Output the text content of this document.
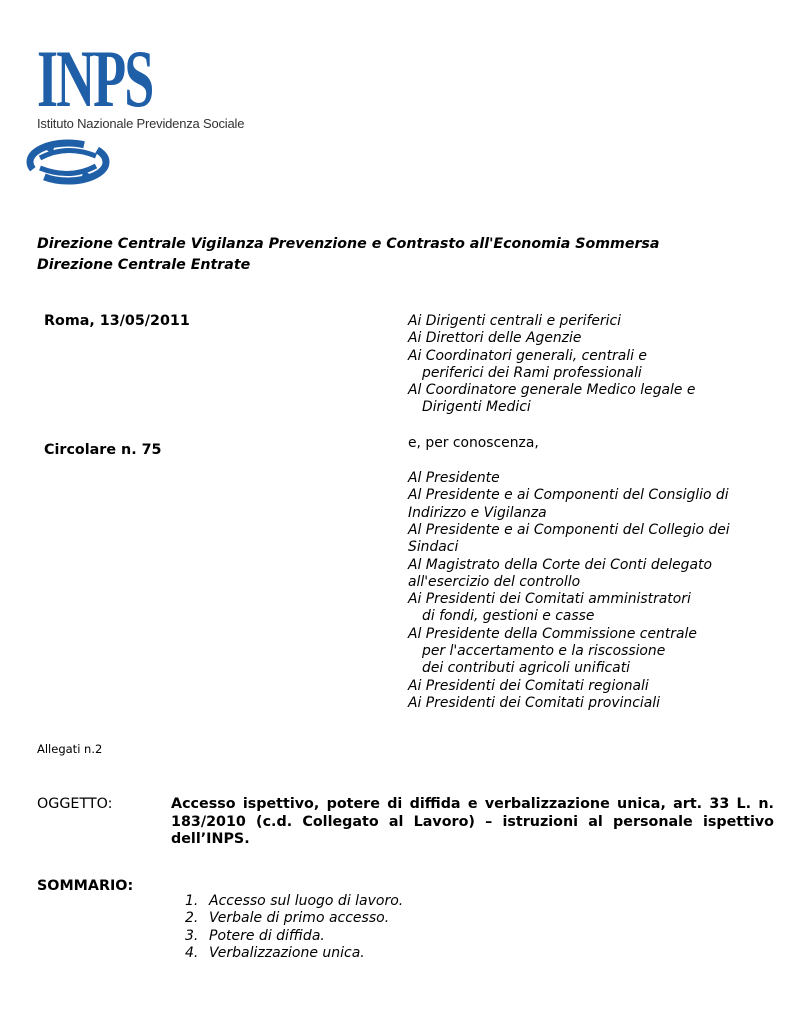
INPS
Istituto Nazionale Previdenza Sociale
Direzione Centrale Vigilanza Prevenzione e Contrasto all'Economia Sommersa
Direzione Centrale Entrate
Roma, 13/05/2011
Circolare n. 75
Ai Dirigenti centrali e periferici
Ai Direttori delle Agenzie
Ai Coordinatori generali, centrali e
periferici dei Rami professionali
Al Coordinatore generale Medico legale e
Dirigenti Medici
e, per conoscenza,
Al Presidente
Al Presidente e ai Componenti del Consiglio di
Indirizzo e Vigilanza
Al Presidente e ai Componenti del Collegio dei
Sindaci
Al Magistrato della Corte dei Conti delegato
all'esercizio del controllo
Ai Presidenti dei Comitati amministratori
di fondi, gestioni e casse
Al Presidente della Commissione centrale
per l'accertamento e la riscossione
dei contributi agricoli unificati
Ai Presidenti dei Comitati regionali
Ai Presidenti dei Comitati provinciali
Allegati n.2
OGGETTO:	Accesso ispettivo, potere di diffida e verbalizzazione unica, art. 33 L. n. 183/2010 (c.d. Collegato al Lavoro) – istruzioni al personale ispettivo dell’INPS.
SOMMARIO:
1. Accesso sul luogo di lavoro.
2. Verbale di primo accesso.
3. Potere di diffida.
4. Verbalizzazione unica.
